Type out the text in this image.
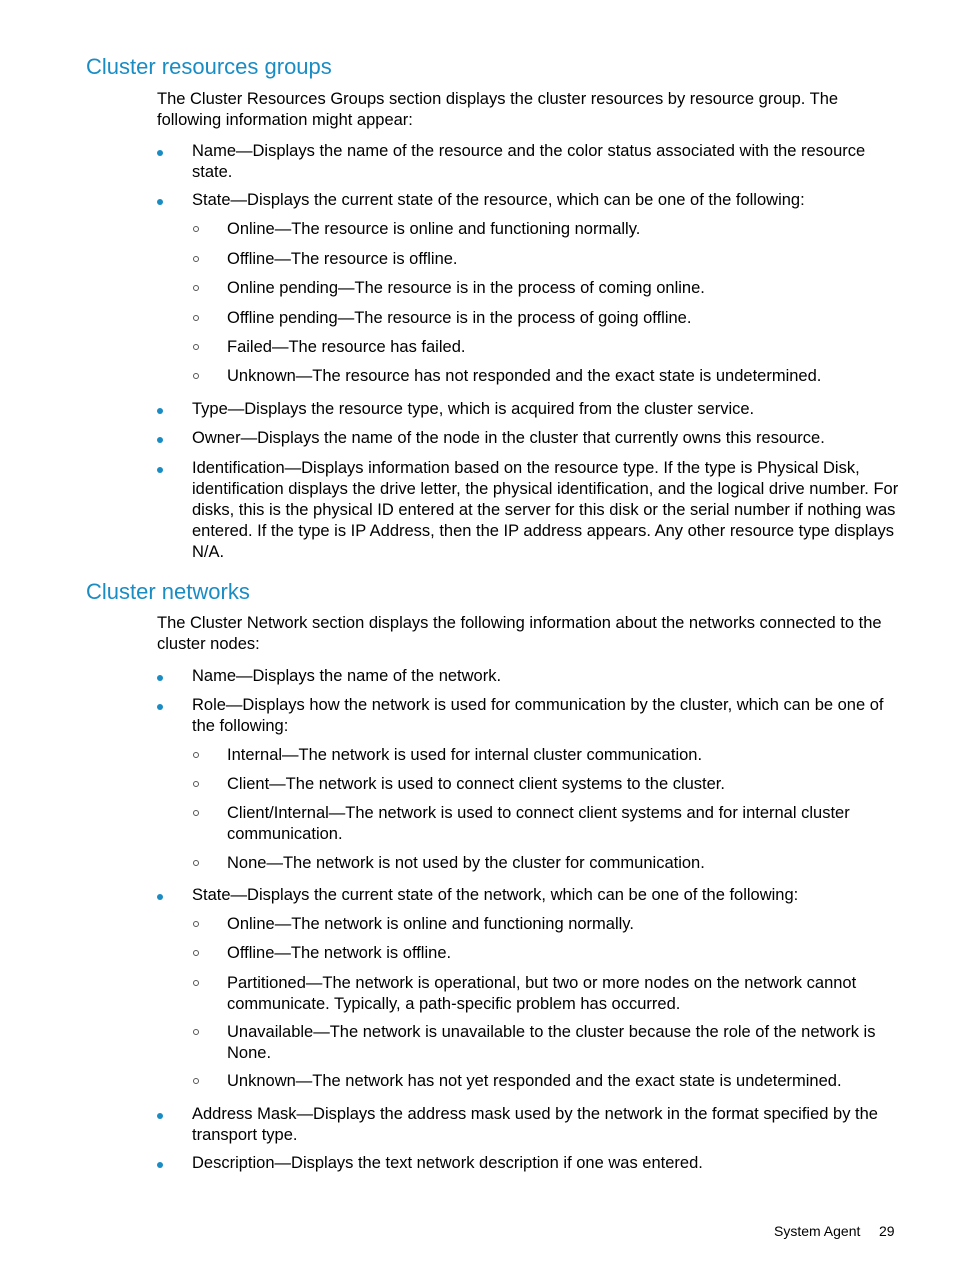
Cluster resources groups

The Cluster Resources Groups section displays the cluster resources by resource group. The following information might appear:

Name—Displays the name of the resource and the color status associated with the resource state.

State—Displays the current state of the resource, which can be one of the following:

Online—The resource is online and functioning normally.

Offline—The resource is offline.

Online pending—The resource is in the process of coming online.

Offline pending—The resource is in the process of going offline.

Failed—The resource has failed.

Unknown—The resource has not responded and the exact state is undetermined.

Type—Displays the resource type, which is acquired from the cluster service.

Owner—Displays the name of the node in the cluster that currently owns this resource.

Identification—Displays information based on the resource type. If the type is Physical Disk, identification displays the drive letter, the physical identification, and the logical drive number. For disks, this is the physical ID entered at the server for this disk or the serial number if nothing was entered. If the type is IP Address, then the IP address appears. Any other resource type displays N/A.

Cluster networks

The Cluster Network section displays the following information about the networks connected to the cluster nodes:

Name—Displays the name of the network.

Role—Displays how the network is used for communication by the cluster, which can be one of the following:

Internal—The network is used for internal cluster communication.

Client—The network is used to connect client systems to the cluster.

Client/Internal—The network is used to connect client systems and for internal cluster communication.

None—The network is not used by the cluster for communication.

State—Displays the current state of the network, which can be one of the following:

Online—The network is online and functioning normally.

Offline—The network is offline.

Partitioned—The network is operational, but two or more nodes on the network cannot communicate. Typically, a path-specific problem has occurred.

Unavailable—The network is unavailable to the cluster because the role of the network is None.

Unknown—The network has not yet responded and the exact state is undetermined.

Address Mask—Displays the address mask used by the network in the format specified by the transport type.

Description—Displays the text network description if one was entered.

System Agent 29
